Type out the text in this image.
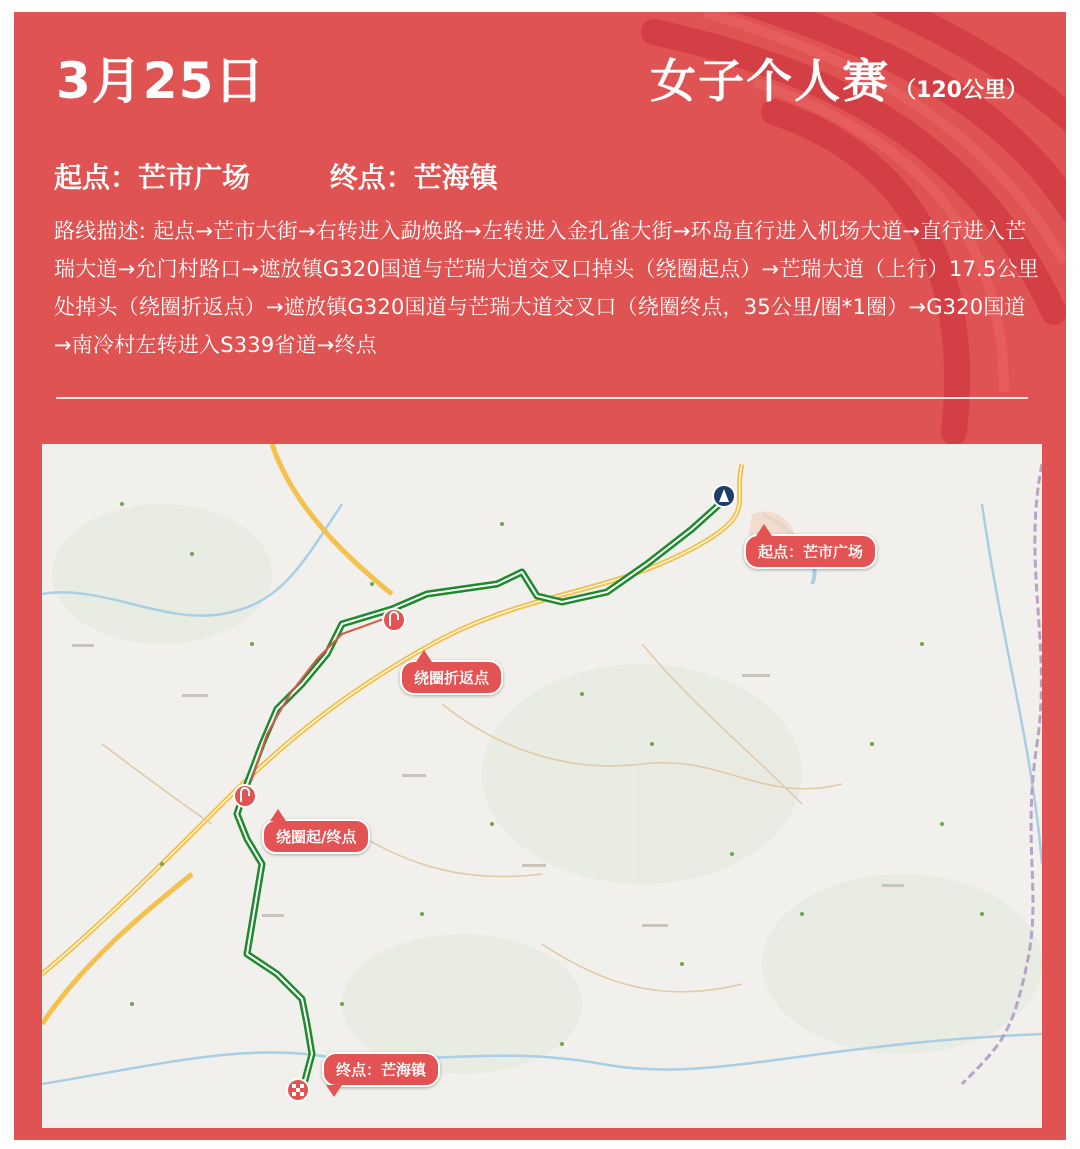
3月25日	女子个人赛 （120公里）
起点：芒市广场	终点：芒海镇

路线描述: 起点→芒市大街→右转进入勐焕路→左转进入金孔雀大街→环岛直行进入机场大道→直行进入芒瑞大道→允门村路口→遮放镇G320国道与芒瑞大道交叉口掉头（绕圈起点）→芒瑞大道（上行）17.5公里处掉头（绕圈折返点）→遮放镇G320国道与芒瑞大道交叉口（绕圈终点，35公里/圈*1圈）→G320国道→南冷村左转进入S339省道→终点

起点：芒市广场
绕圈折返点
绕圈起/终点
终点：芒海镇
